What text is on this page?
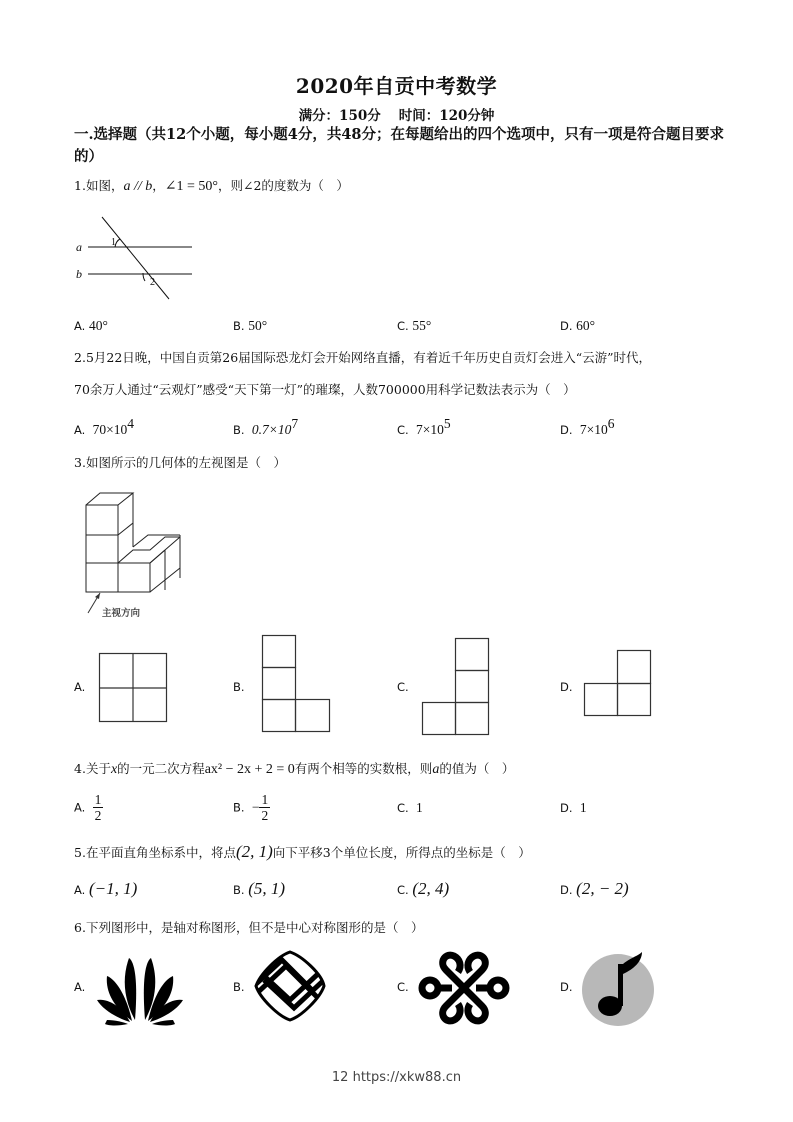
2020年自贡中考数学
满分：150分 时间：120分钟
一.选择题（共12个小题，每小题4分，共48分；在每题给出的四个选项中，只有一项是符合题目要求的）
1.如图，a // b，∠1 = 50°，则∠2的度数为（　）
a
b
1
2
A. 40°	B. 50°	C. 55°	D. 60°
2.5月22日晚，中国自贡第26届国际恐龙灯会开始网络直播，有着近千年历史自贡灯会进入“云游”时代，
70余万人通过“云观灯”感受“天下第一灯”的璀璨，人数700000用科学记数法表示为（　）
A. $70\times 10^4$	B. $0.7\times 10^7$	C. $7\times 10^5$	D. $7\times 10^6$
3.如图所示的几何体的左视图是（　）
主视方向
A.	B.	C.	D.
4.关于x的一元二次方程ax² − 2x + 2 = 0有两个相等的实数根，则a的值为（　）
A. $\frac{1}{2}$	B. − $\frac{1}{2}$	C. 1	D. 1
5.在平面直角坐标系中，将点(2, 1)向下平移3个单位长度，所得点的坐标是（　）
A. (−1, 1)	B. (5, 1)	C. (2, 4)	D. (2, − 2)
6.下列图形中，是轴对称图形，但不是中心对称图形的是（　）
A.	B.	C.	D.
12 https://xkw88.cn
